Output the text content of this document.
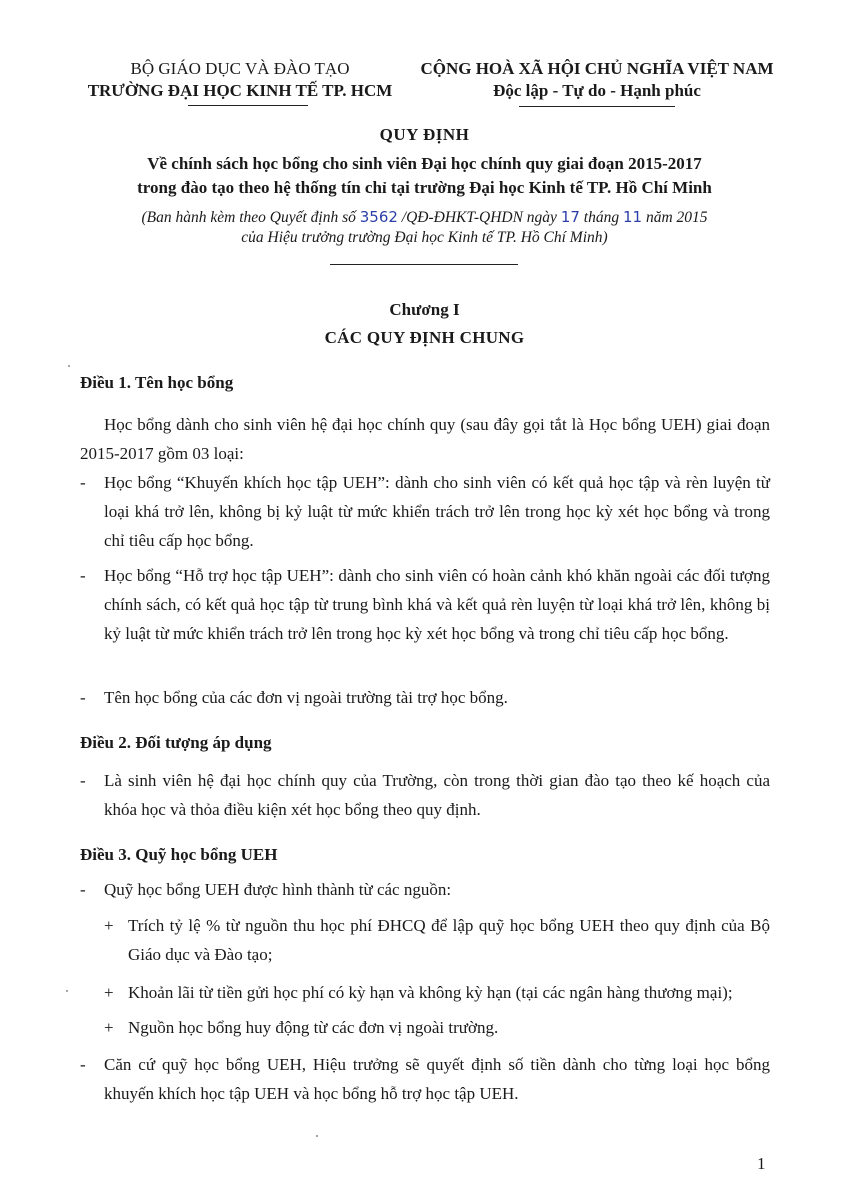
BỘ GIÁO DỤC VÀ ĐÀO TẠO
TRƯỜNG ĐẠI HỌC KINH TẾ TP. HCM
CỘNG HOÀ XÃ HỘI CHỦ NGHĨA VIỆT NAM
Độc lập - Tự do - Hạnh phúc
QUY ĐỊNH
Về chính sách học bổng cho sinh viên Đại học chính quy giai đoạn 2015-2017
trong đào tạo theo hệ thống tín chỉ tại trường Đại học Kinh tế TP. Hồ Chí Minh
(Ban hành kèm theo Quyết định số 3562 /QĐ-ĐHKT-QHDN ngày 17 tháng 11 năm 2015
của Hiệu trưởng trường Đại học Kinh tế TP. Hồ Chí Minh)
Chương I
CÁC QUY ĐỊNH CHUNG
Điều 1. Tên học bổng
Học bổng dành cho sinh viên hệ đại học chính quy (sau đây gọi tắt là Học bổng UEH) giai đoạn 2015-2017 gồm 03 loại:
- Học bổng “Khuyến khích học tập UEH”: dành cho sinh viên có kết quả học tập và rèn luyện từ loại khá trở lên, không bị kỷ luật từ mức khiển trách trở lên trong học kỳ xét học bổng và trong chỉ tiêu cấp học bổng.
- Học bổng “Hỗ trợ học tập UEH”: dành cho sinh viên có hoàn cảnh khó khăn ngoài các đối tượng chính sách, có kết quả học tập từ trung bình khá và kết quả rèn luyện từ loại khá trở lên, không bị kỷ luật từ mức khiển trách trở lên trong học kỳ xét học bổng và trong chỉ tiêu cấp học bổng.
- Tên học bổng của các đơn vị ngoài trường tài trợ học bổng.
Điều 2. Đối tượng áp dụng
- Là sinh viên hệ đại học chính quy của Trường, còn trong thời gian đào tạo theo kế hoạch của khóa học và thỏa điều kiện xét học bổng theo quy định.
Điều 3. Quỹ học bổng UEH
- Quỹ học bổng UEH được hình thành từ các nguồn:
+ Trích tỷ lệ % từ nguồn thu học phí ĐHCQ để lập quỹ học bổng UEH theo quy định của Bộ Giáo dục và Đào tạo;
+ Khoản lãi từ tiền gửi học phí có kỳ hạn và không kỳ hạn (tại các ngân hàng thương mại);
+ Nguồn học bổng huy động từ các đơn vị ngoài trường.
- Căn cứ quỹ học bổng UEH, Hiệu trưởng sẽ quyết định số tiền dành cho từng loại học bổng khuyến khích học tập UEH và học bổng hỗ trợ học tập UEH.
1
